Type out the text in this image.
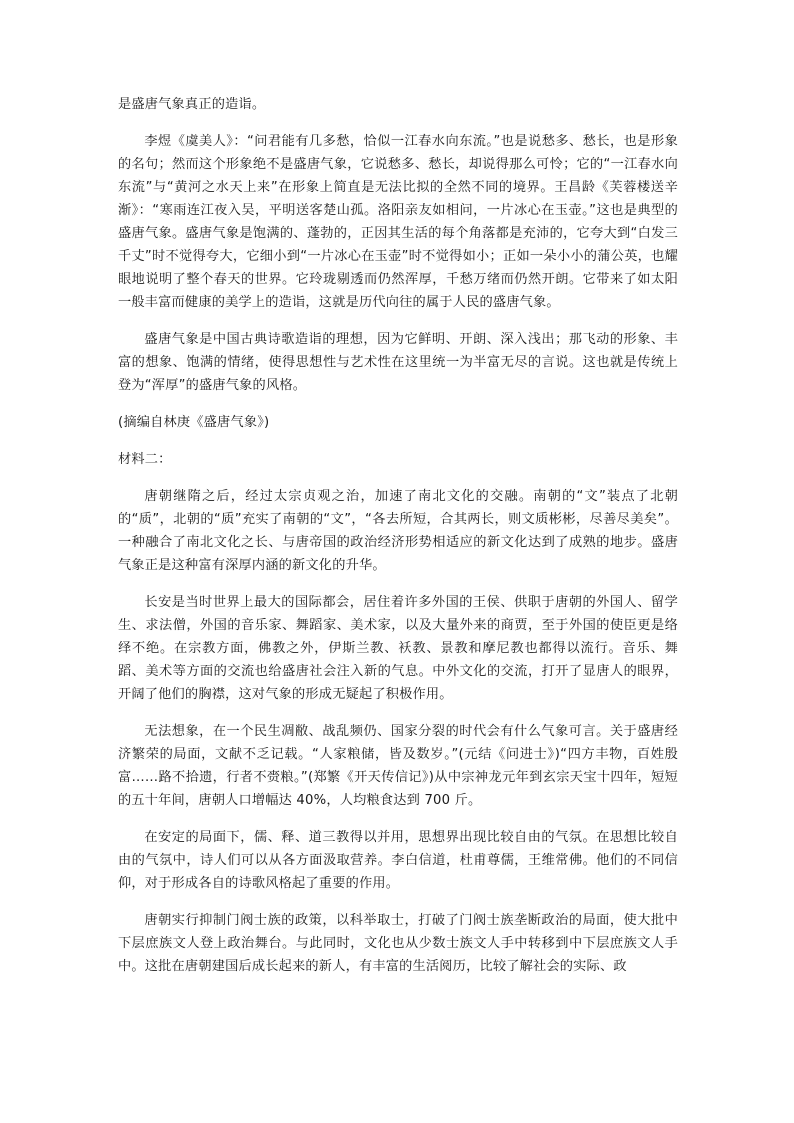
是盛唐气象真正的造诣。

李煜《虞美人》：“问君能有几多愁，恰似一江春水向东流。”也是说愁多、愁长，也是形象的名句；然而这个形象绝不是盛唐气象，它说愁多、愁长，却说得那么可怜；它的“一江春水向东流”与“黄河之水天上来”在形象上简直是无法比拟的全然不同的境界。王昌龄《芙蓉楼送辛渐》：“寒雨连江夜入吴，平明送客楚山孤。洛阳亲友如相问，一片冰心在玉壶。”这也是典型的盛唐气象。盛唐气象是饱满的、蓬勃的，正因其生活的每个角落都是充沛的，它夸大到“白发三千丈”时不觉得夸大，它细小到“一片冰心在玉壶”时不觉得如小；正如一朵小小的蒲公英，也耀眼地说明了整个春天的世界。它玲珑剔透而仍然浑厚，千愁万绪而仍然开朗。它带来了如太阳一般丰富而健康的美学上的造诣，这就是历代向往的属于人民的盛唐气象。

盛唐气象是中国古典诗歌造诣的理想，因为它鲜明、开朗、深入浅出；那飞动的形象、丰富的想象、饱满的情绪，使得思想性与艺术性在这里统一为半富无尽的言说。这也就是传统上登为“浑厚”的盛唐气象的风格。

(摘编自林庚《盛唐气象》)

材料二：

唐朝继隋之后，经过太宗贞观之治，加速了南北文化的交融。南朝的“文”装点了北朝的“质”，北朝的“质”充实了南朝的“文”，“各去所短，合其两长，则文质彬彬，尽善尽美矣”。一种融合了南北文化之长、与唐帝国的政治经济形势相适应的新文化达到了成熟的地步。盛唐气象正是这种富有深厚内涵的新文化的升华。

长安是当时世界上最大的国际都会，居住着许多外国的王侯、供职于唐朝的外国人、留学生、求法僧，外国的音乐家、舞蹈家、美术家，以及大量外来的商贾，至于外国的使臣更是络绎不绝。在宗教方面，佛教之外，伊斯兰教、袄教、景教和摩尼教也都得以流行。音乐、舞蹈、美术等方面的交流也给盛唐社会注入新的气息。中外文化的交流，打开了显唐人的眼界，开阔了他们的胸襟，这对气象的形成无疑起了积极作用。

无法想象，在一个民生凋敝、战乱频仍、国家分裂的时代会有什么气象可言。关于盛唐经济繁荣的局面，文献不乏记载。“人家粮储，皆及数岁。”(元结《问进士》)“四方丰物，百姓殷富……路不拾遗，行者不赍粮。”(郑繁《开天传信记》)从中宗神龙元年到玄宗天宝十四年，短短的五十年间，唐朝人口增幅达 40%，人均粮食达到 700 斤。

在安定的局面下，儒、释、道三教得以并用，思想界出现比较自由的气氛。在思想比较自由的气氛中，诗人们可以从各方面汲取营养。李白信道，杜甫尊儒，王维常佛。他们的不同信仰，对于形成各自的诗歌风格起了重要的作用。

唐朝实行抑制门阀士族的政策，以科举取士，打破了门阀士族垄断政治的局面，使大批中下层庶族文人登上政治舞台。与此同时，文化也从少数士族文人手中转移到中下层庶族文人手中。这批在唐朝建国后成长起来的新人，有丰富的生活阅历，比较了解社会的实际、政
